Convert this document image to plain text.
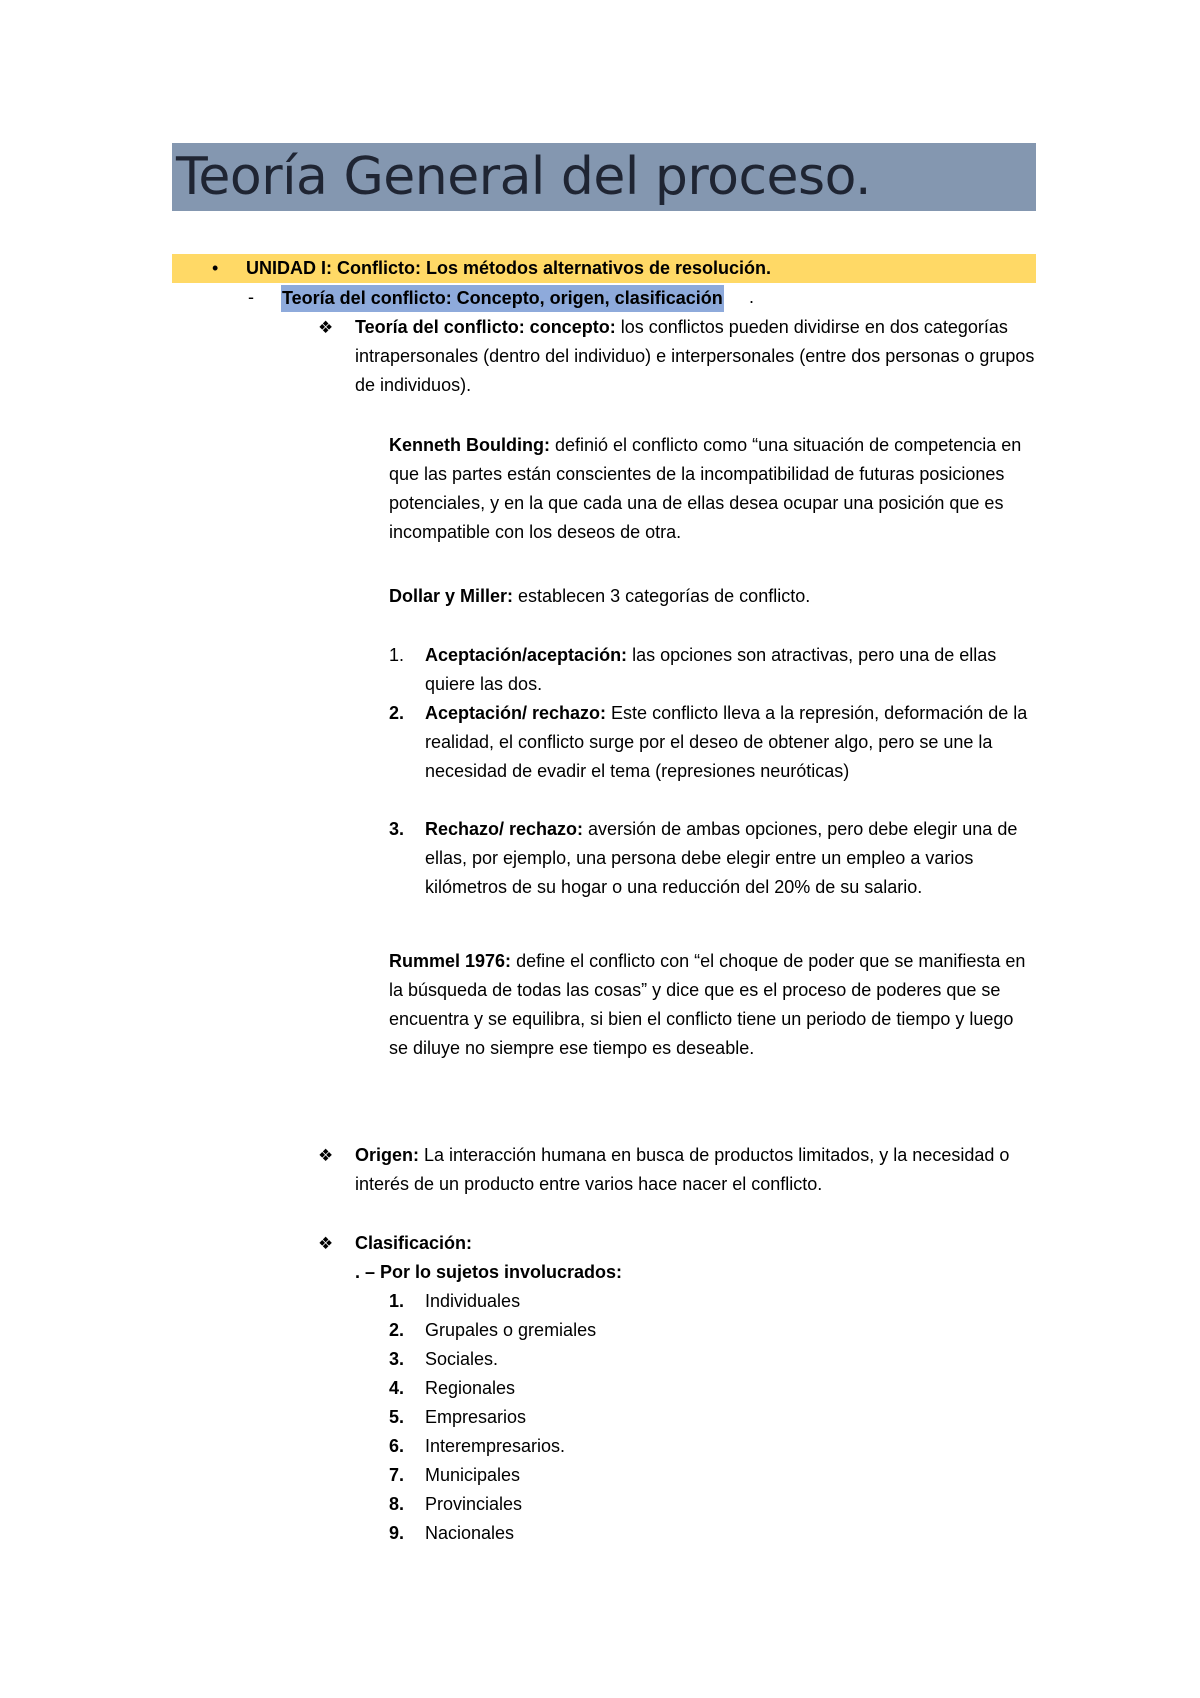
Teoría General del proceso.
• UNIDAD I: Conflicto: Los métodos alternativos de resolución.
- Teoría del conflicto: Concepto, origen, clasificación .
❖ Teoría del conflicto: concepto: los conflictos pueden dividirse en dos categorías intrapersonales (dentro del individuo) e interpersonales (entre dos personas o grupos de individuos).

Kenneth Boulding: definió el conflicto como “una situación de competencia en que las partes están conscientes de la incompatibilidad de futuras posiciones potenciales, y en la que cada una de ellas desea ocupar una posición que es incompatible con los deseos de otra.

Dollar y Miller: establecen 3 categorías de conflicto.

1.	Aceptación/aceptación: las opciones son atractivas, pero una de ellas quiere las dos.

2.	Aceptación/ rechazo: Este conflicto lleva a la represión, deformación de la realidad, el conflicto surge por el deseo de obtener algo, pero se une la necesidad de evadir el tema (represiones neuróticas)

3.	Rechazo/ rechazo: aversión de ambas opciones, pero debe elegir una de ellas, por ejemplo, una persona debe elegir entre un empleo a varios kilómetros de su hogar o una reducción del 20% de su salario.

Rummel 1976: define el conflicto con “el choque de poder que se manifiesta en la búsqueda de todas las cosas” y dice que es el proceso de poderes que se encuentra y se equilibra, si bien el conflicto tiene un periodo de tiempo y luego se diluye no siempre ese tiempo es deseable.

❖ Origen: La interacción humana en busca de productos limitados, y la necesidad o interés de un producto entre varios hace nacer el conflicto.

❖ Clasificación:
. – Por lo sujetos involucrados:
1. Individuales
2. Grupales o gremiales
3. Sociales.
4. Regionales
5. Empresarios
6. Interempresarios.
7. Municipales
8. Provinciales
9. Nacionales
